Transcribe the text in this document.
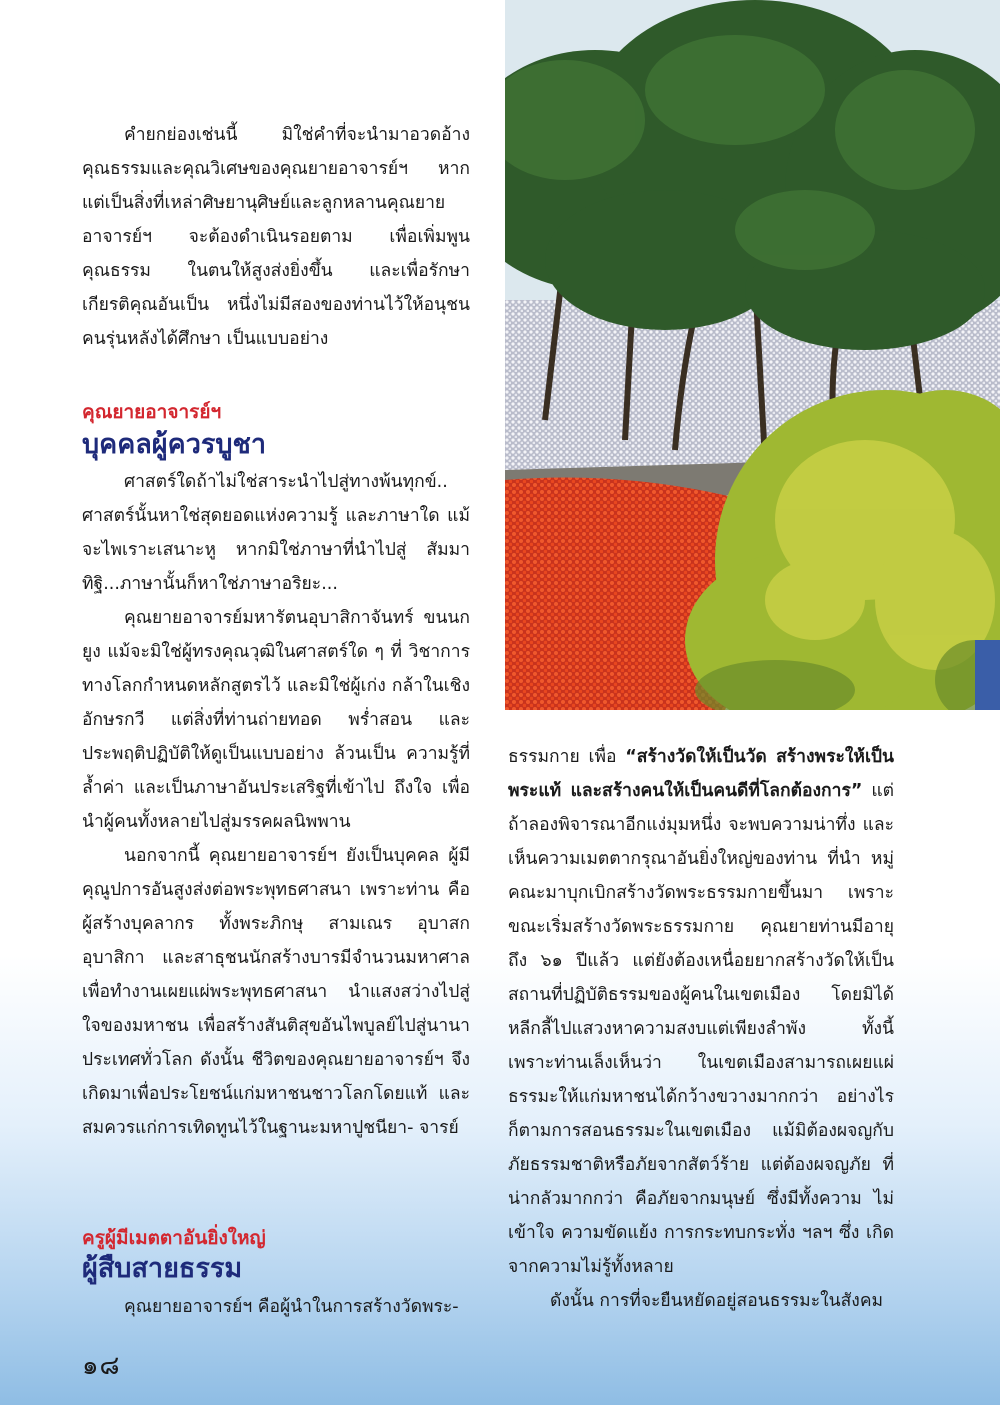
คำยกย่องเช่นนี้ มิใช่คำที่จะนำมาอวดอ้าง คุณธรรมและคุณวิเศษของคุณยายอาจารย์ฯ หาก แต่เป็นสิ่งที่เหล่าศิษยานุศิษย์และลูกหลานคุณยาย อาจารย์ฯ จะต้องดำเนินรอยตาม เพื่อเพิ่มพูนคุณธรรม ในตนให้สูงส่งยิ่งขึ้น และเพื่อรักษาเกียรติคุณอันเป็น หนึ่งไม่มีสองของท่านไว้ให้อนุชนคนรุ่นหลังได้ศึกษา เป็นแบบอย่าง

คุณยายอาจารย์ฯ
บุคคลผู้ควรบูชา

ศาสตร์ใดถ้าไม่ใช่สาระนำไปสู่ทางพ้นทุกข์.. ศาสตร์นั้นหาใช่สุดยอดแห่งความรู้ และภาษาใด แม้จะไพเราะเสนาะหู หากมิใช่ภาษาที่นำไปสู่ สัมมาทิฐิ...ภาษานั้นก็หาใช่ภาษาอริยะ...

คุณยายอาจารย์มหารัตนอุบาสิกาจันทร์ ขนนกยูง แม้จะมิใช่ผู้ทรงคุณวุฒิในศาสตร์ใด ๆ ที่ วิชาการทางโลกกำหนดหลักสูตรไว้ และมิใช่ผู้เก่ง กล้าในเชิงอักษรกวี แต่สิ่งที่ท่านถ่ายทอด พร่ำสอน และประพฤติปฏิบัติให้ดูเป็นแบบอย่าง ล้วนเป็น ความรู้ที่ล้ำค่า และเป็นภาษาอันประเสริฐที่เข้าไป ถึงใจ เพื่อนำผู้คนทั้งหลายไปสู่มรรคผลนิพพาน

นอกจากนี้ คุณยายอาจารย์ฯ ยังเป็นบุคคล ผู้มีคุณูปการอันสูงส่งต่อพระพุทธศาสนา เพราะท่าน คือ ผู้สร้างบุคลากร ทั้งพระภิกษุ สามเณร อุบาสก อุบาสิกา และสาธุชนนักสร้างบารมีจำนวนมหาศาล เพื่อทำงานเผยแผ่พระพุทธศาสนา นำแสงสว่างไปสู่ ใจของมหาชน เพื่อสร้างสันติสุขอันไพบูลย์ไปสู่นานา ประเทศทั่วโลก ดังนั้น ชีวิตของคุณยายอาจารย์ฯ จึงเกิดมาเพื่อประโยชน์แก่มหาชนชาวโลกโดยแท้ และสมควรแก่การเทิดทูนไว้ในฐานะมหาปูชนียา- จารย์

ครูผู้มีเมตตาอันยิ่งใหญ่
ผู้สืบสายธรรม

คุณยายอาจารย์ฯ คือผู้นำในการสร้างวัดพระ-

ธรรมกาย เพื่อ “สร้างวัดให้เป็นวัด สร้างพระให้เป็น พระแท้ และสร้างคนให้เป็นคนดีที่โลกต้องการ” แต่ถ้าลองพิจารณาอีกแง่มุมหนึ่ง จะพบความน่าทึ่ง และเห็นความเมตตากรุณาอันยิ่งใหญ่ของท่าน ที่นำ หมู่คณะมาบุกเบิกสร้างวัดพระธรรมกายขึ้นมา เพราะ ขณะเริ่มสร้างวัดพระธรรมกาย คุณยายท่านมีอายุ ถึง ๖๑ ปีแล้ว แต่ยังต้องเหนื่อยยากสร้างวัดให้เป็น สถานที่ปฏิบัติธรรมของผู้คนในเขตเมือง โดยมิได้ หลีกลี้ไปแสวงหาความสงบแต่เพียงลำพัง ทั้งนี้ เพราะท่านเล็งเห็นว่า ในเขตเมืองสามารถเผยแผ่ ธรรมะให้แก่มหาชนได้กว้างขวางมากกว่า อย่างไร ก็ตามการสอนธรรมะในเขตเมือง แม้มิต้องผจญกับ ภัยธรรมชาติหรือภัยจากสัตว์ร้าย แต่ต้องผจญภัย ที่น่ากลัวมากกว่า คือภัยจากมนุษย์ ซึ่งมีทั้งความ ไม่เข้าใจ ความขัดแย้ง การกระทบกระทั่ง ฯลฯ ซึ่ง เกิดจากความไม่รู้ทั้งหลาย

ดังนั้น การที่จะยืนหยัดอยู่สอนธรรมะในสังคม

๑๘
